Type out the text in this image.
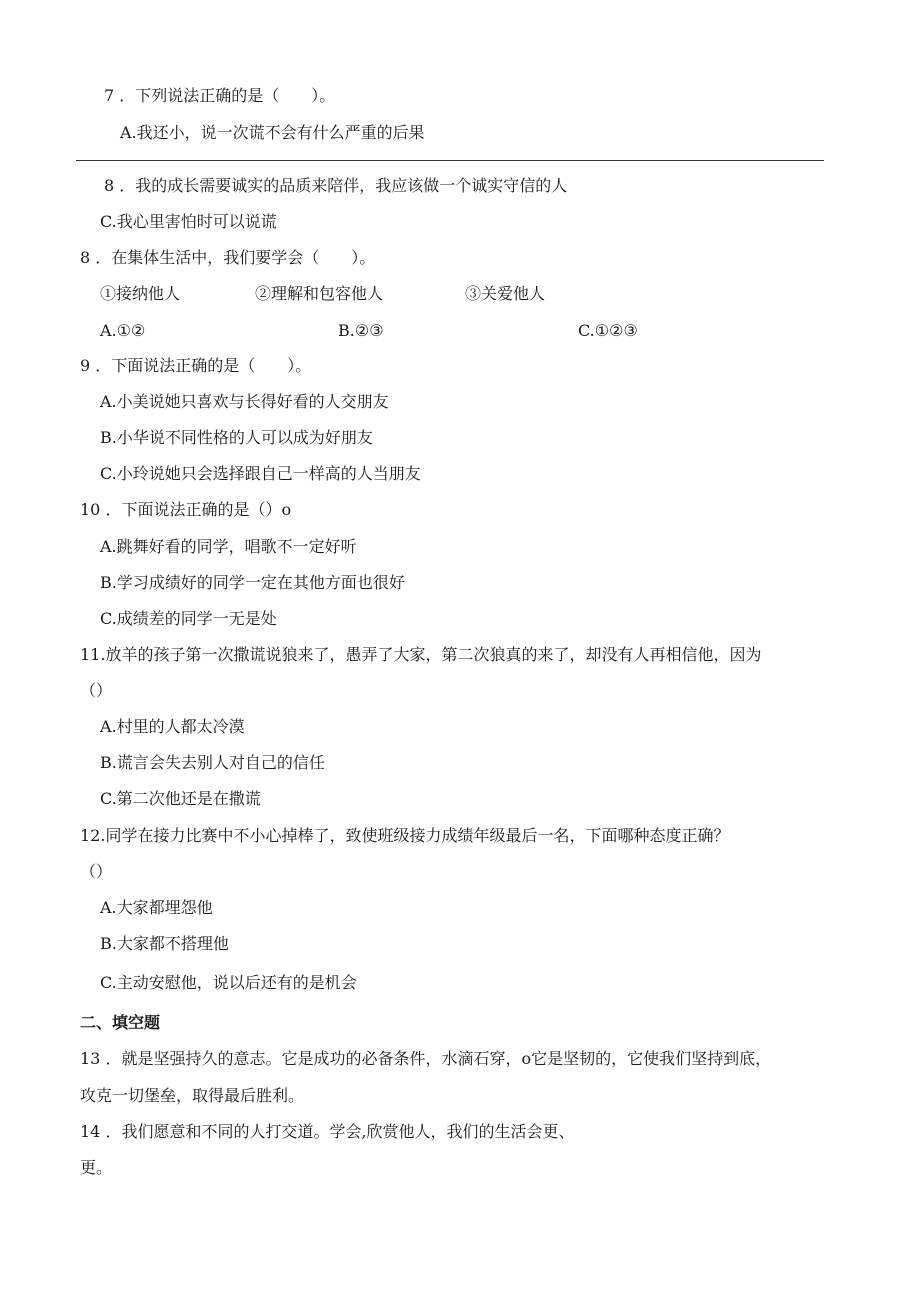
7 ．下列说法正确的是（　　）。
A.我还小，说一次谎不会有什么严重的后果
8 ．我的成长需要诚实的品质来陪伴，我应该做一个诚实守信的人
C.我心里害怕时可以说谎
8 ．在集体生活中，我们要学会（　　）。
①接纳他人	②理解和包容他人	③关爱他人
A.①②	B.②③	C.①②③
9 ．下面说法正确的是（　　）。
A.小美说她只喜欢与长得好看的人交朋友
B.小华说不同性格的人可以成为好朋友
C.小玲说她只会选择跟自己一样高的人当朋友
10 ．下面说法正确的是（）o
A.跳舞好看的同学，唱歌不一定好听
B.学习成绩好的同学一定在其他方面也很好
C.成绩差的同学一无是处
11.放羊的孩子第一次撒谎说狼来了，愚弄了大家，第二次狼真的来了，却没有人再相信他，因为
（）
A.村里的人都太冷漠
B.谎言会失去别人对自己的信任
C.第二次他还是在撒谎
12.同学在接力比赛中不小心掉棒了，致使班级接力成绩年级最后一名，下面哪种态度正确？
（）
A.大家都埋怨他
B.大家都不搭理他
C.主动安慰他，说以后还有的是机会
二、填空题
13 ．就是坚强持久的意志。它是成功的必备条件，水滴石穿，o它是坚韧的，它使我们坚持到底，
攻克一切堡垒，取得最后胜利。
14 ．我们愿意和不同的人打交道。学会,欣赏他人，我们的生活会更、
更。
